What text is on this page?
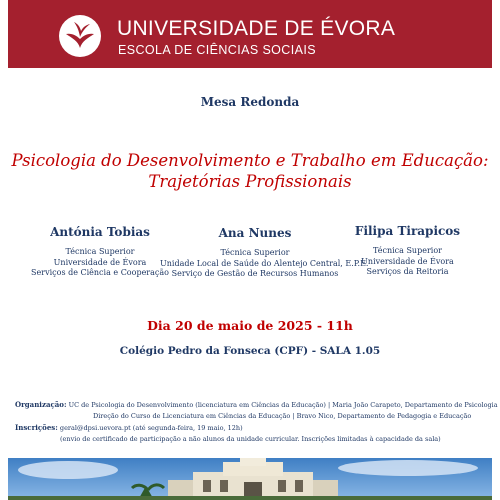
UNIVERSIDADE DE ÉVORA
ESCOLA DE CIÊNCIAS SOCIAIS
Mesa Redonda
Psicologia do Desenvolvimento e Trabalho em Educação:
Trajetórias Profissionais
Antónia Tobias
Técnica Superior
Universidade de Évora
Serviços de Ciência e Cooperação
Ana Nunes
Técnica Superior
Unidade Local de Saúde do Alentejo Central, E.P.E.
Serviço de Gestão de Recursos Humanos
Filipa Tirapicos
Técnica Superior
Universidade de Évora
Serviços da Reitoria
Dia 20 de maio de 2025 - 11h
Colégio Pedro da Fonseca (CPF) - SALA 1.05
Organização: UC de Psicologia do Desenvolvimento (licenciatura em Ciências da Educação) | Maria João Carapeto, Departamento de Psicologia
Direção do Curso de Licenciatura em Ciências da Educação | Bravo Nico, Departamento de Pedagogia e Educação
Inscrições: geral@dpsi.uevora.pt (até segunda-feira, 19 maio, 12h)
(envio de certificado de participação a não alunos da unidade curricular. Inscrições limitadas à capacidade da sala)
